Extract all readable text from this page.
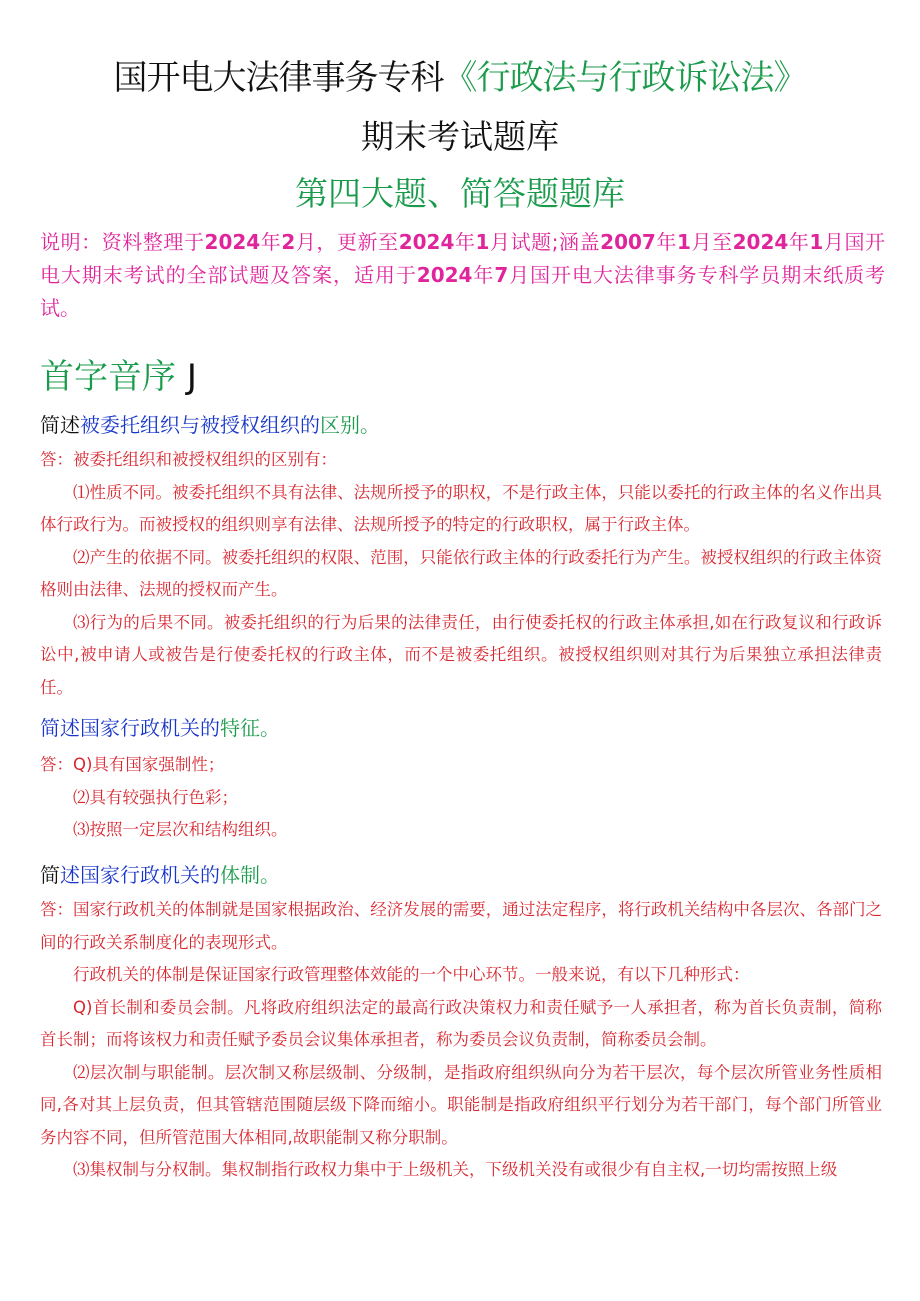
国开电大法律事务专科《行政法与行政诉讼法》
期末考试题库
第四大题、简答题题库
说明：资料整理于2024年2月，更新至2024年1月试题;涵盖2007年1月至2024年1月国开电大期末考试的全部试题及答案，适用于2024年7月国开电大法律事务专科学员期末纸质考试。
首字音序 J

简述被委托组织与被授权组织的区别。

答：被委托组织和被授权组织的区别有：

⑴性质不同。被委托组织不具有法律、法规所授予的职权，不是行政主体，只能以委托的行政主体的名义作出具体行政行为。而被授权的组织则享有法律、法规所授予的特定的行政职权，属于行政主体。

⑵产生的依据不同。被委托组织的权限、范围，只能依行政主体的行政委托行为产生。被授权组织的行政主体资格则由法律、法规的授权而产生。

⑶行为的后果不同。被委托组织的行为后果的法律责任，由行使委托权的行政主体承担,如在行政复议和行政诉讼中,被申请人或被告是行使委托权的行政主体，而不是被委托组织。被授权组织则对其行为后果独立承担法律责任。

简述国家行政机关的特征。

答：Q)具有国家强制性；

⑵具有较强执行色彩；

⑶按照一定层次和结构组织。

简述国家行政机关的体制。

答：国家行政机关的体制就是国家根据政治、经济发展的需要，通过法定程序，将行政机关结构中各层次、各部门之间的行政关系制度化的表现形式。

行政机关的体制是保证国家行政管理整体效能的一个中心环节。一般来说，有以下几种形式：

Q)首长制和委员会制。凡将政府组织法定的最高行政决策权力和责任赋予一人承担者，称为首长负责制，简称首长制；而将该权力和责任赋予委员会议集体承担者，称为委员会议负责制，简称委员会制。

⑵层次制与职能制。层次制又称层级制、分级制，是指政府组织纵向分为若干层次，每个层次所管业务性质相同,各对其上层负责，但其管辖范围随层级下降而缩小。职能制是指政府组织平行划分为若干部门，每个部门所管业务内容不同，但所管范围大体相同,故职能制又称分职制。

⑶集权制与分权制。集权制指行政权力集中于上级机关，下级机关没有或很少有自主权,一切均需按照上级
